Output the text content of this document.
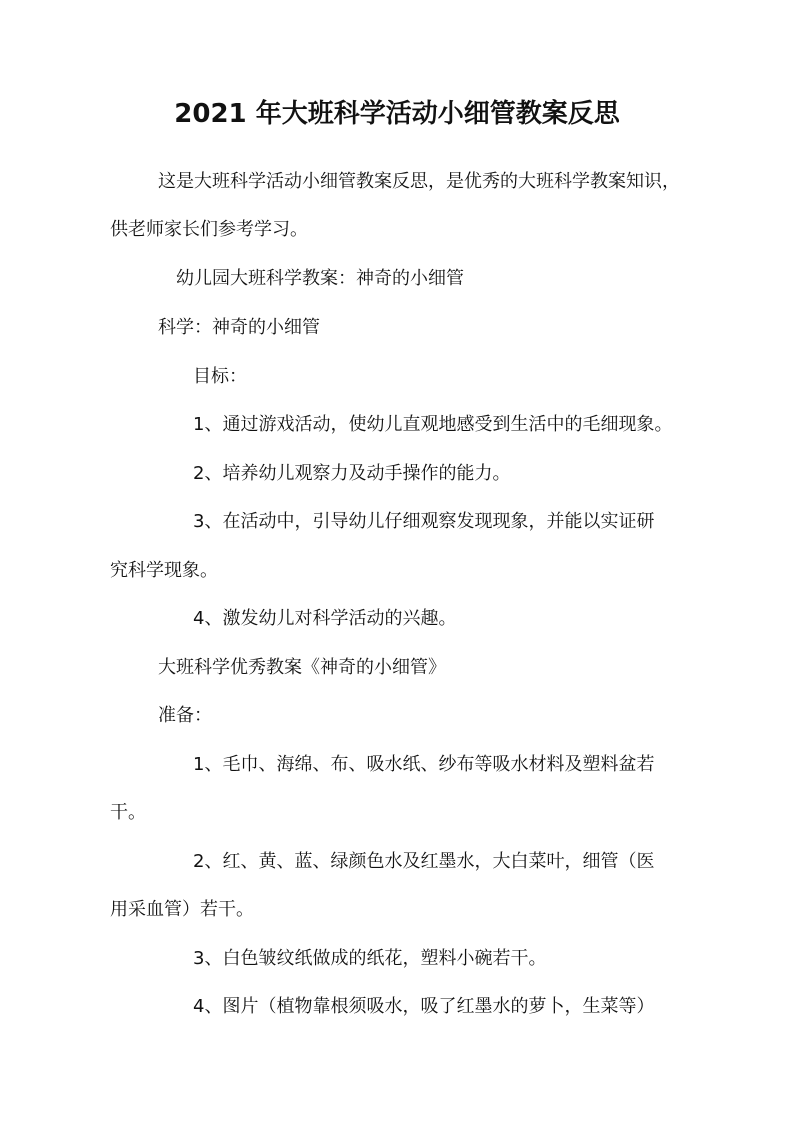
2021 年大班科学活动小细管教案反思
这是大班科学活动小细管教案反思，是优秀的大班科学教案知识，
供老师家长们参考学习。
幼儿园大班科学教案：神奇的小细管
科学：神奇的小细管
目标：
1、通过游戏活动，使幼儿直观地感受到生活中的毛细现象。
2、培养幼儿观察力及动手操作的能力。
3、在活动中，引导幼儿仔细观察发现现象，并能以实证研
究科学现象。
4、激发幼儿对科学活动的兴趣。
大班科学优秀教案《神奇的小细管》
准备：
1、毛巾、海绵、布、吸水纸、纱布等吸水材料及塑料盆若
干。
2、红、黄、蓝、绿颜色水及红墨水，大白菜叶，细管（医
用采血管）若干。
3、白色皱纹纸做成的纸花，塑料小碗若干。
4、图片（植物靠根须吸水，吸了红墨水的萝卜，生菜等）
